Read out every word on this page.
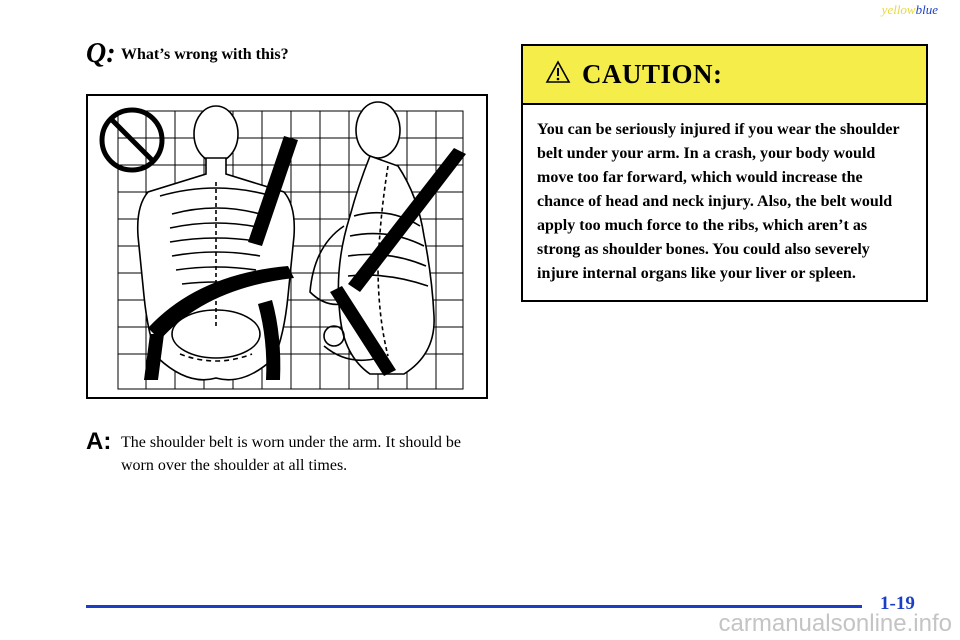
yellowblue
Q: What’s wrong with this?
A: The shoulder belt is worn under the arm. It should be worn over the shoulder at all times.
CAUTION:
You can be seriously injured if you wear the shoulder belt under your arm. In a crash, your body would move too far forward, which would increase the chance of head and neck injury. Also, the belt would apply too much force to the ribs, which aren’t as strong as shoulder bones. You could also severely injure internal organs like your liver or spleen.
1-19
carmanualsonline.info
